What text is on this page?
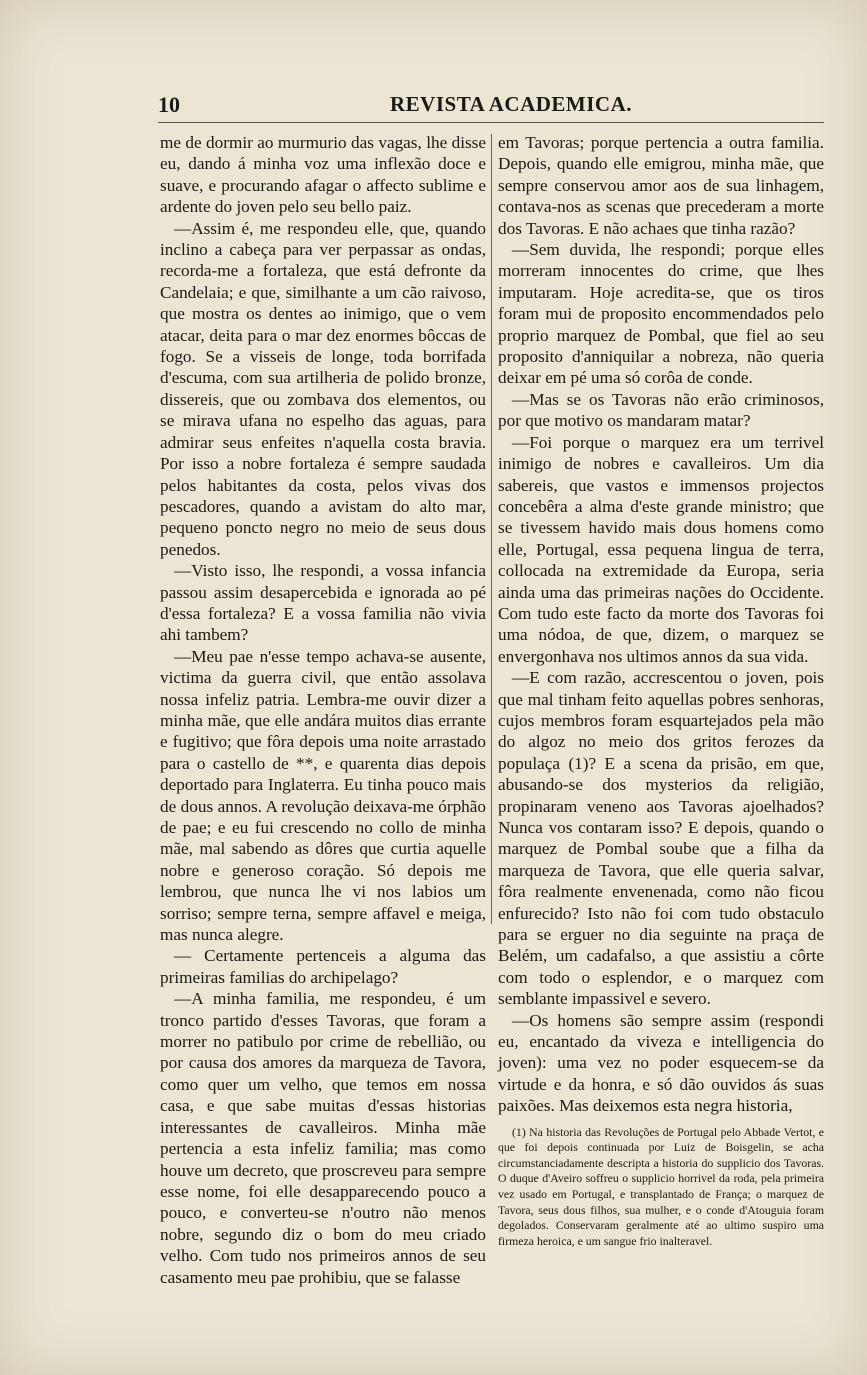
10	REVISTA ACADEMICA.

me de dormir ao murmurio das vagas, lhe disse eu, dando á minha voz uma inflexão doce e suave, e procurando afagar o affecto sublime e ardente do joven pelo seu bello paiz.

—Assim é, me respondeu elle, que, quando inclino a cabeça para ver perpassar as ondas, recorda-me a fortaleza, que está defronte da Candelaia; e que, similhante a um cão raivoso, que mostra os dentes ao inimigo, que o vem atacar, deita para o mar dez enormes bôccas de fogo. Se a visseis de longe, toda borrifada d'escuma, com sua artilheria de polido bronze, dissereis, que ou zombava dos elementos, ou se mirava ufana no espelho das aguas, para admirar seus enfeites n'aquella costa bravia. Por isso a nobre fortaleza é sempre saudada pelos habitantes da costa, pelos vivas dos pescadores, quando a avistam do alto mar, pequeno poncto negro no meio de seus dous penedos.

—Visto isso, lhe respondi, a vossa infancia passou assim desapercebida e ignorada ao pé d'essa fortaleza? E a vossa familia não vivia ahi tambem?

—Meu pae n'esse tempo achava-se ausente, victima da guerra civil, que então assolava nossa infeliz patria. Lembra-me ouvir dizer a minha mãe, que elle andára muitos dias errante e fugitivo; que fôra depois uma noite arrastado para o castello de **, e quarenta dias depois deportado para Inglaterra. Eu tinha pouco mais de dous annos. A revolução deixava-me órphão de pae; e eu fui crescendo no collo de minha mãe, mal sabendo as dôres que curtia aquelle nobre e generoso coração. Só depois me lembrou, que nunca lhe vi nos labios um sorriso; sempre terna, sempre affavel e meiga, mas nunca alegre.

— Certamente pertenceis a alguma das primeiras familias do archipelago?

—A minha familia, me respondeu, é um tronco partido d'esses Tavoras, que foram a morrer no patibulo por crime de rebellião, ou por causa dos amores da marqueza de Tavora, como quer um velho, que temos em nossa casa, e que sabe muitas d'essas historias interessantes de cavalleiros. Minha mãe pertencia a esta infeliz familia; mas como houve um decreto, que proscreveu para sempre esse nome, foi elle desapparecendo pouco a pouco, e converteu-se n'outro não menos nobre, segundo diz o bom do meu criado velho. Com tudo nos primeiros annos de seu casamento meu pae prohibiu, que se falasse

em Tavoras; porque pertencia a outra familia. Depois, quando elle emigrou, minha mãe, que sempre conservou amor aos de sua linhagem, contava-nos as scenas que precederam a morte dos Tavoras. E não achaes que tinha razão?

—Sem duvida, lhe respondi; porque elles morreram innocentes do crime, que lhes imputaram. Hoje acredita-se, que os tiros foram mui de proposito encommendados pelo proprio marquez de Pombal, que fiel ao seu proposito d'anniquilar a nobreza, não queria deixar em pé uma só corôa de conde.

—Mas se os Tavoras não erão criminosos, por que motivo os mandaram matar?

—Foi porque o marquez era um terrivel inimigo de nobres e cavalleiros. Um dia sabereis, que vastos e immensos projectos concebêra a alma d'este grande ministro; que se tivessem havido mais dous homens como elle, Portugal, essa pequena lingua de terra, collocada na extremidade da Europa, seria ainda uma das primeiras nações do Occidente. Com tudo este facto da morte dos Tavoras foi uma nódoa, de que, dizem, o marquez se envergonhava nos ultimos annos da sua vida.

—E com razão, accrescentou o joven, pois que mal tinham feito aquellas pobres senhoras, cujos membros foram esquartejados pela mão do algoz no meio dos gritos ferozes da populaça (1)? E a scena da prisão, em que, abusando-se dos mysterios da religião, propinaram veneno aos Tavoras ajoelhados? Nunca vos contaram isso? E depois, quando o marquez de Pombal soube que a filha da marqueza de Tavora, que elle queria salvar, fôra realmente envenenada, como não ficou enfurecido? Isto não foi com tudo obstaculo para se erguer no dia seguinte na praça de Belém, um cadafalso, a que assistiu a côrte com todo o esplendor, e o marquez com semblante impassivel e severo.

—Os homens são sempre assim (respondi eu, encantado da viveza e intelligencia do joven): uma vez no poder esquecem-se da virtude e da honra, e só dão ouvidos ás suas paixões. Mas deixemos esta negra historia,

(1) Na historia das Revoluções de Portugal pelo Abbade Vertot, e que foi depois continuada por Luiz de Boisgelin, se acha circumstanciadamente descripta a historia do supplicio dos Tavoras. O duque d'Aveiro soffreu o supplicio horrivel da roda, pela primeira vez usado em Portugal, e transplantado de França; o marquez de Tavora, seus dous filhos, sua mulher, e o conde d'Atouguia foram degolados. Conservaram geralmente até ao ultimo suspiro uma firmeza heroica, e um sangue frio inalteravel.
